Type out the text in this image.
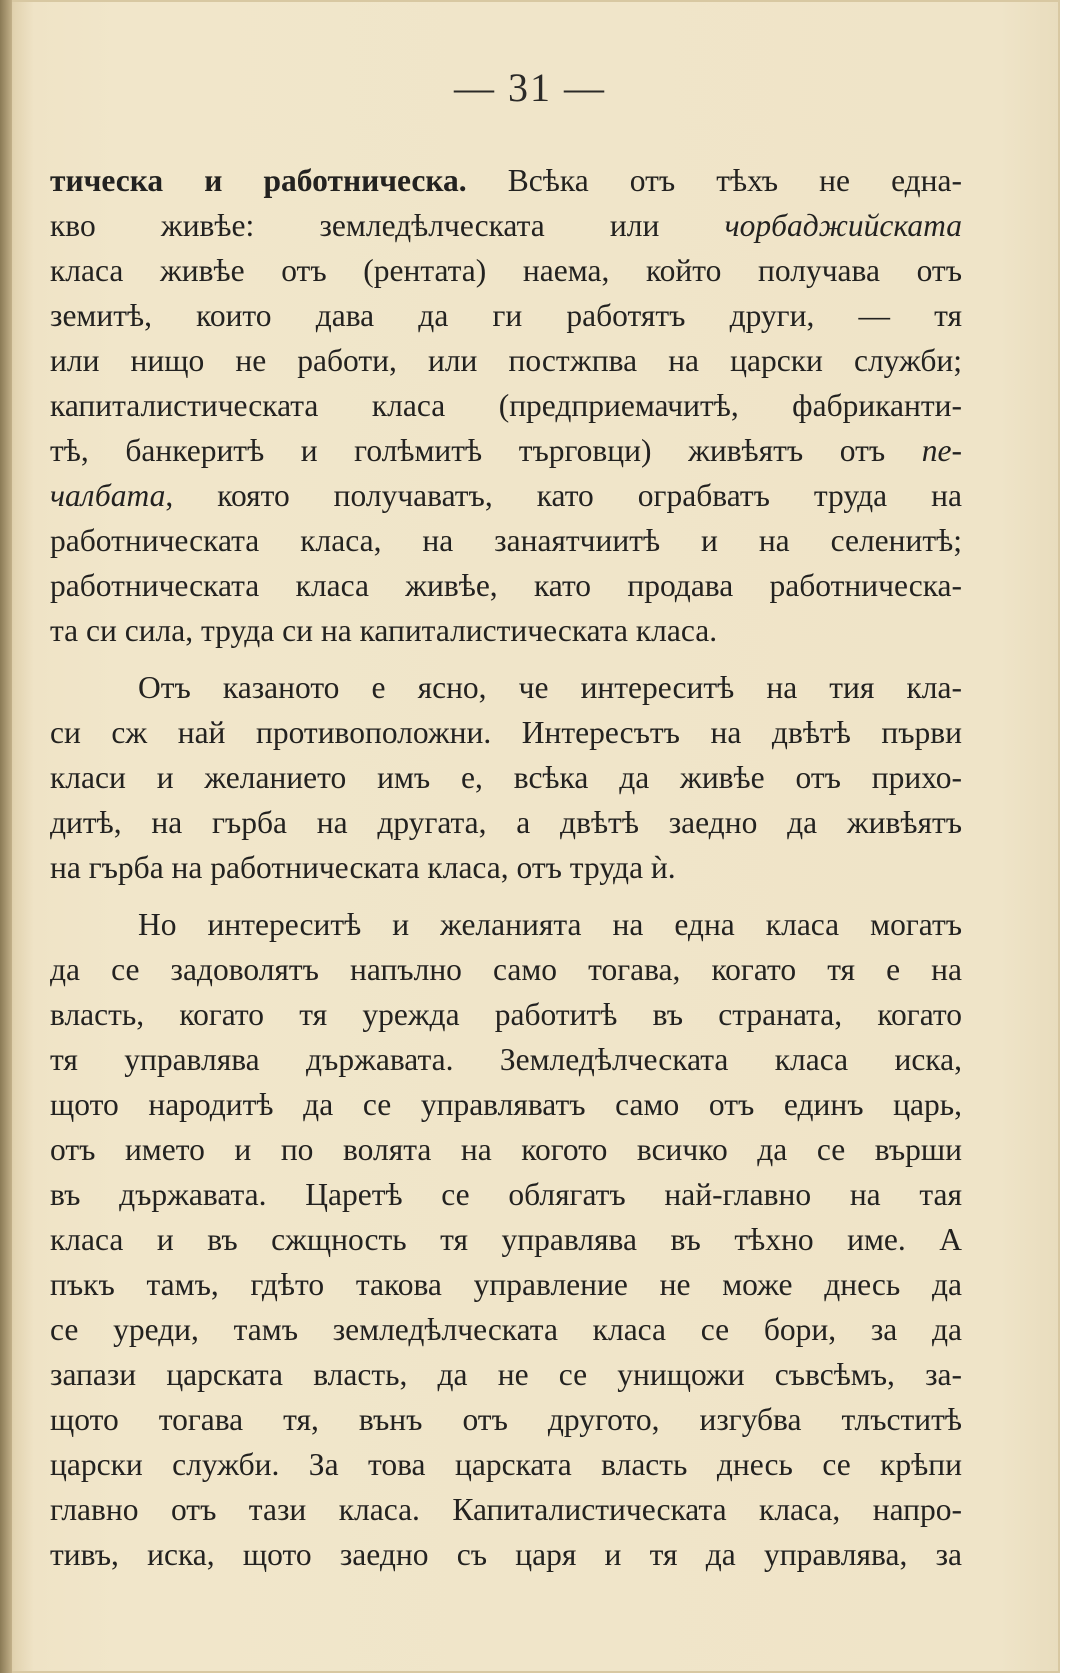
— 31 —
тическа и работническа. Всѣка отъ тѣхъ не една-
кво живѣе: земледѣлческата или чорбаджийската
класа живѣе отъ (рентата) наема, който получава отъ
земитѣ, които дава да ги работятъ други, — тя
или нищо не работи, или постжпва на царски служби;
капиталистическата класа (предприемачитѣ, фабриканти-
тѣ, банкеритѣ и голѣмитѣ търговци) живѣятъ отъ пе-
чалбата, която получаватъ, като ограбватъ труда на
работническата класа, на занаятчиитѣ и на селенитѣ;
работническата класа живѣе, като продава работническа-
та си сила, труда си на капиталистическата класа.
Отъ казаното е ясно, че интереситѣ на тия кла-
си сж най противоположни. Интересътъ на двѣтѣ първи
класи и желанието имъ е, всѣка да живѣе отъ прихо-
дитѣ, на гърба на другата, а двѣтѣ заедно да живѣятъ
на гърба на работническата класа, отъ труда ѝ.
Но интереситѣ и желанията на една класа могатъ
да се задоволятъ напълно само тогава, когато тя е на
власть, когато тя урежда работитѣ въ страната, когато
тя управлява държавата. Земледѣлческата класа иска,
щото народитѣ да се управляватъ само отъ единъ царь,
отъ името и по волята на когото всичко да се върши
въ държавата. Царетѣ се облягатъ най-главно на тая
класа и въ сжщность тя управлява въ тѣхно име. А
пъкъ тамъ, гдѣто такова управление не може днесь да
се уреди, тамъ земледѣлческата класа се бори, за да
запази царската власть, да не се унищожи съвсѣмъ, за-
щото тогава тя, вънъ отъ другото, изгубва тлъститѣ
царски служби. За това царската власть днесь се крѣпи
главно отъ тази класа. Капиталистическата класа, напро-
тивъ, иска, щото заедно съ царя и тя да управлява, за
